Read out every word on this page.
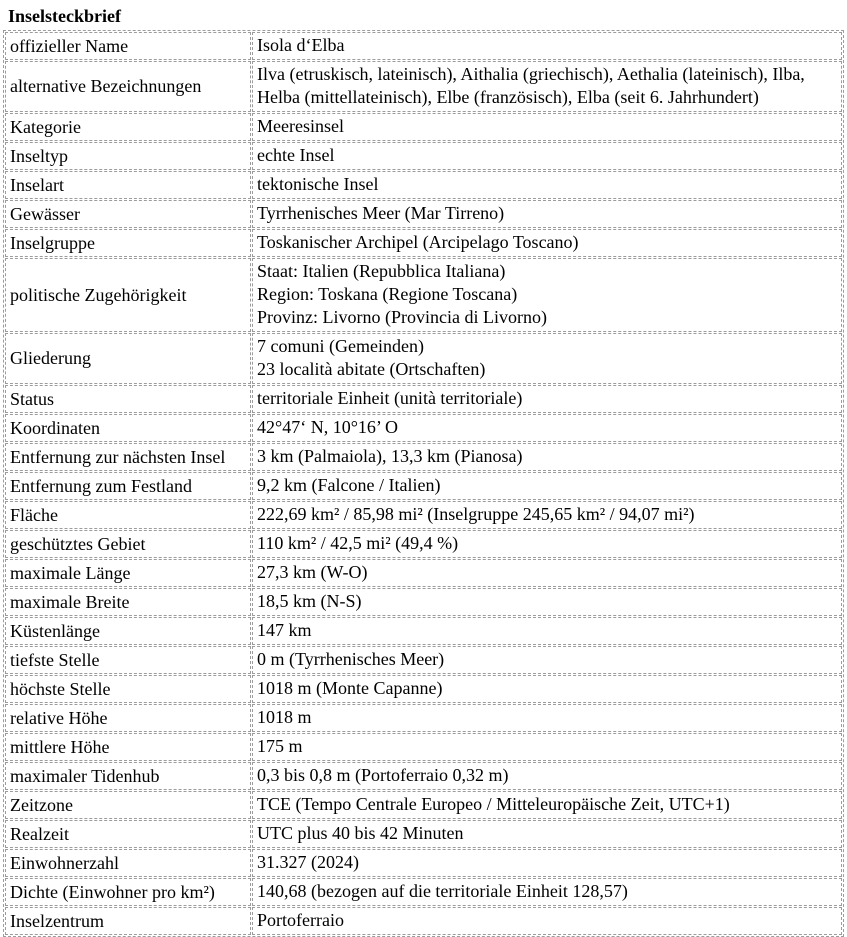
Inselsteckbrief
offizieller Name	Isola d‘Elba

alternative Bezeichnungen	Ilva (etruskisch, lateinisch), Aithalia (griechisch), Aethalia (lateinisch), Ilba, Helba (mittellateinisch), Elbe (französisch), Elba (seit 6. Jahrhundert)

Kategorie	Meeresinsel

Inseltyp	echte Insel

Inselart	tektonische Insel

Gewässer	Tyrrhenisches Meer (Mar Tirreno)

Inselgruppe	Toskanischer Archipel (Arcipelago Toscano)

politische Zugehörigkeit	Staat: Italien (Repubblica Italiana)
Region: Toskana (Regione Toscana)
Provinz: Livorno (Provincia di Livorno)

Gliederung	7 comuni (Gemeinden)
23 località abitate (Ortschaften)

Status	territoriale Einheit (unità territoriale)

Koordinaten	42°47‘ N, 10°16’ O

Entfernung zur nächsten Insel	3 km (Palmaiola), 13,3 km (Pianosa)

Entfernung zum Festland	9,2 km (Falcone / Italien)

Fläche	222,69 km² / 85,98 mi² (Inselgruppe 245,65 km² / 94,07 mi²)

geschütztes Gebiet	110 km² / 42,5 mi² (49,4 %)

maximale Länge	27,3 km (W-O)

maximale Breite	18,5 km (N-S)

Küstenlänge	147 km

tiefste Stelle	0 m (Tyrrhenisches Meer)

höchste Stelle	1018 m (Monte Capanne)

relative Höhe	1018 m

mittlere Höhe	175 m

maximaler Tidenhub	0,3 bis 0,8 m (Portoferraio 0,32 m)

Zeitzone	TCE (Tempo Centrale Europeo / Mitteleuropäische Zeit, UTC+1)

Realzeit	UTC plus 40 bis 42 Minuten

Einwohnerzahl	31.327 (2024)

Dichte (Einwohner pro km²)	140,68 (bezogen auf die territoriale Einheit 128,57)

Inselzentrum	Portoferraio
